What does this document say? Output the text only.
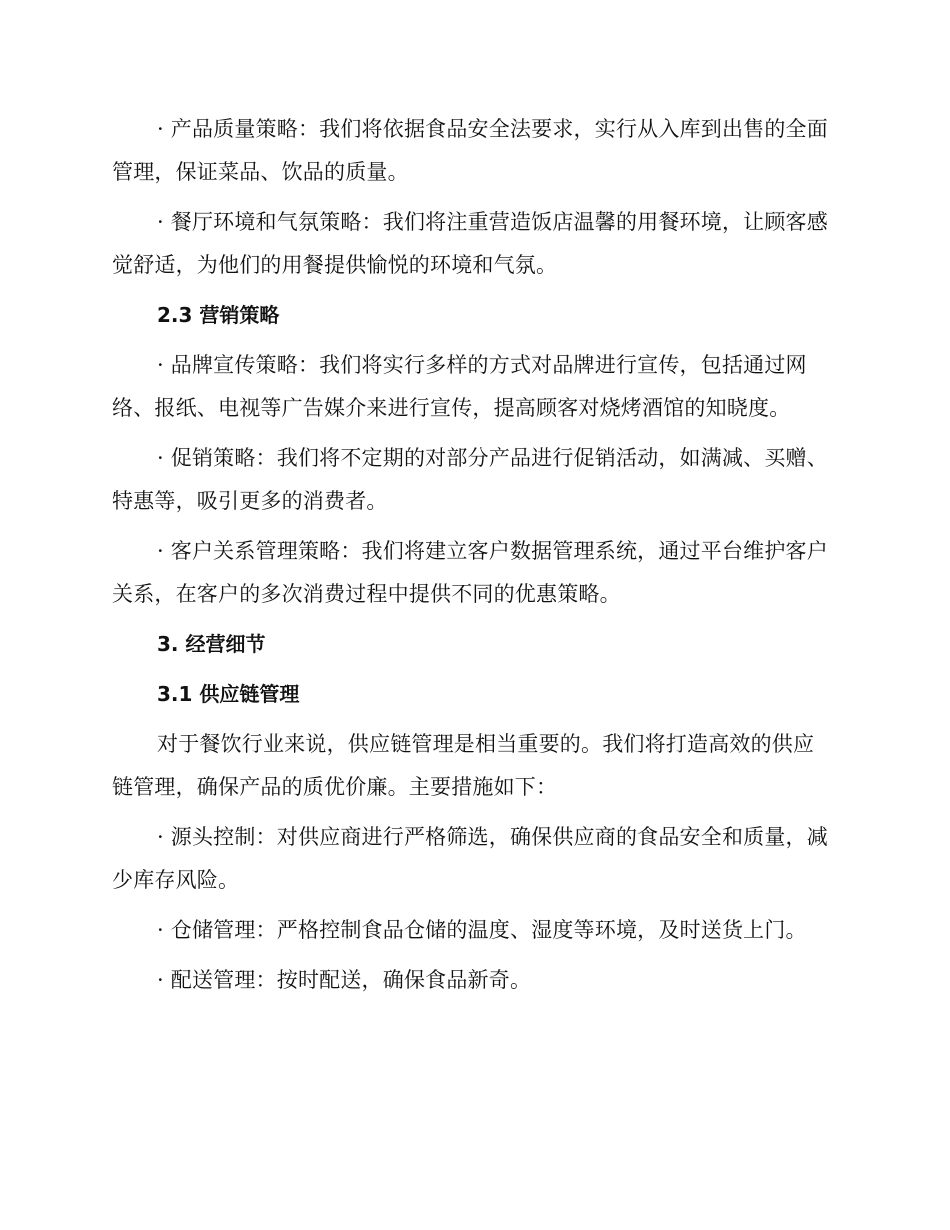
· 产品质量策略：我们将依据食品安全法要求，实行从入库到出售的全面管理，保证菜品、饮品的质量。

· 餐厅环境和气氛策略：我们将注重营造饭店温馨的用餐环境，让顾客感觉舒适，为他们的用餐提供愉悦的环境和气氛。

2.3 营销策略

· 品牌宣传策略：我们将实行多样的方式对品牌进行宣传，包括通过网络、报纸、电视等广告媒介来进行宣传，提高顾客对烧烤酒馆的知晓度。

· 促销策略：我们将不定期的对部分产品进行促销活动，如满减、买赠、特惠等，吸引更多的消费者。

· 客户关系管理策略：我们将建立客户数据管理系统，通过平台维护客户关系，在客户的多次消费过程中提供不同的优惠策略。

3. 经营细节

3.1 供应链管理

对于餐饮行业来说，供应链管理是相当重要的。我们将打造高效的供应链管理，确保产品的质优价廉。主要措施如下：

· 源头控制：对供应商进行严格筛选，确保供应商的食品安全和质量，减少库存风险。

· 仓储管理：严格控制食品仓储的温度、湿度等环境，及时送货上门。

· 配送管理：按时配送，确保食品新奇。
